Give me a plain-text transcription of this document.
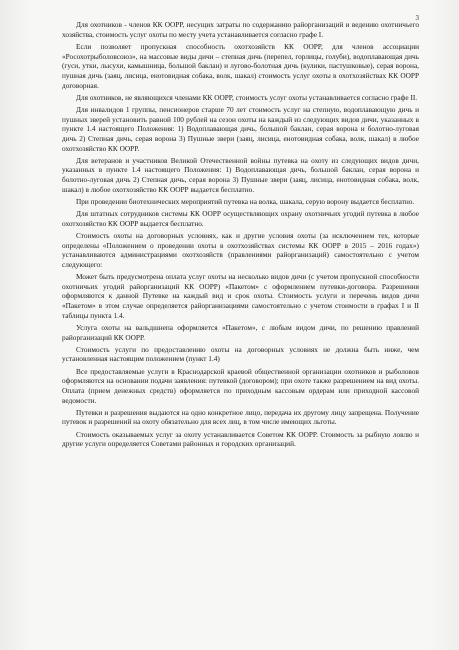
3

Для охотников - членов КК ООРР, несущих затраты по содержанию райорганизаций и ведению охотничьего хозяйства, стоимость услуг охоты по месту учета устанавливается согласно графе I.

Если позволяет пропускная способность охотхозяйств КК ООРР, для членов ассоциации «Росохотрыболовсоюз», на массовые виды дичи – степная дичь (перепел, горлицы, голуби), водоплавающая дичь (гуси, утки, лысухи, камышница, большой баклан) и лугово-болотная дичь (кулики, пастушковые), серая ворона, пушная дичь (заяц, лисица, енотовидная собака, волк, шакал) стоимость услуг охоты в охотхозяйствах КК ООРР договорная.

Для охотников, не являющихся членами КК ООРР, стоимость услуг охоты устанавливается согласно графе II.

Для инвалидов 1 группы, пенсионеров старше 70 лет стоимость услуг на степную, водоплавающую дичь и пушных зверей установить равной 100 рублей на сезон охоты на каждый из следующих видов дичи, указанных в пункте 1.4 настоящего Положения: 1) Водоплавающая дичь, большой баклан, серая ворона и болотно-луговая дичь 2) Степная дичь, серая ворона 3) Пушные звери (заяц, лисица, енотовидная собака, волк, шакал) в любое охотхозяйство КК ООРР.

Для ветеранов и участников Великой Отечественной войны путевка на охоту из следующих видов дичи, указанных в пункте 1.4 настоящего Положения: 1) Водоплавающая дичь, большой баклан, серая ворона и болотно-луговая дичь 2) Степная дичь, серая ворона 3) Пушные звери (заяц, лисица, енотовидная собака, волк, шакал) в любое охотхозяйство КК ООРР выдается бесплатно.

При проведении биотехнических мероприятий путевка на волка, шакала, серую ворону выдается бесплатно.

Для штатных сотрудников системы КК ООРР осуществляющих охрану охотничьих угодий путевка в любое охотхозяйство КК ООРР выдается бесплатно.

Стоимость охоты на договорных условиях, как и другие условия охоты (за исключением тех, которые определены «Положением о проведении охоты в охотхозяйствах системы КК ООРР в 2015 – 2016 годах») устанавливаются администрациями охотхозяйств (правлениями райорганизаций) самостоятельно с учетом следующего:

Может быть предусмотрена оплата услуг охоты на несколько видов дичи (с учетом пропускной способности охотничьих угодий райорганизаций КК ООРР) «Пакетом» с оформлением путевки-договора. Разрешения оформляются к данной Путевке на каждый вид и срок охоты. Стоимость услуги и перечень видов дичи «Пакетом» в этом случае определяется райорганизациями самостоятельно с учетом стоимости в графах I и II таблицы пункта 1.4.

Услуга охоты на вальдшнепа оформляется «Пакетом», с любым видом дичи, по решению правлений райорганизаций КК ООРР.

Стоимость услуги по предоставлению охоты на договорных условиях не должна быть ниже, чем установленная настоящим положением (пункт 1.4)

Все предоставляемые услуги в Краснодарской краевой общественной организации охотников и рыболовов оформляются на основании подачи заявления: путевкой (договором); при охоте также разрешением на вид охоты. Оплата (прием денежных средств) оформляется по приходным кассовым ордерам или приходной кассовой ведомости.

Путевки и разрешения выдаются на одно конкретное лицо, передача их другому лицу запрещена. Получение путевок и разрешений на охоту обязательно для всех лиц, в том числе имеющих льготы.

Стоимость оказываемых услуг за охоту устанавливается Советом КК ООРР. Стоимость за рыбную ловлю и другие услуги определяется Советами районных и городских организаций.
